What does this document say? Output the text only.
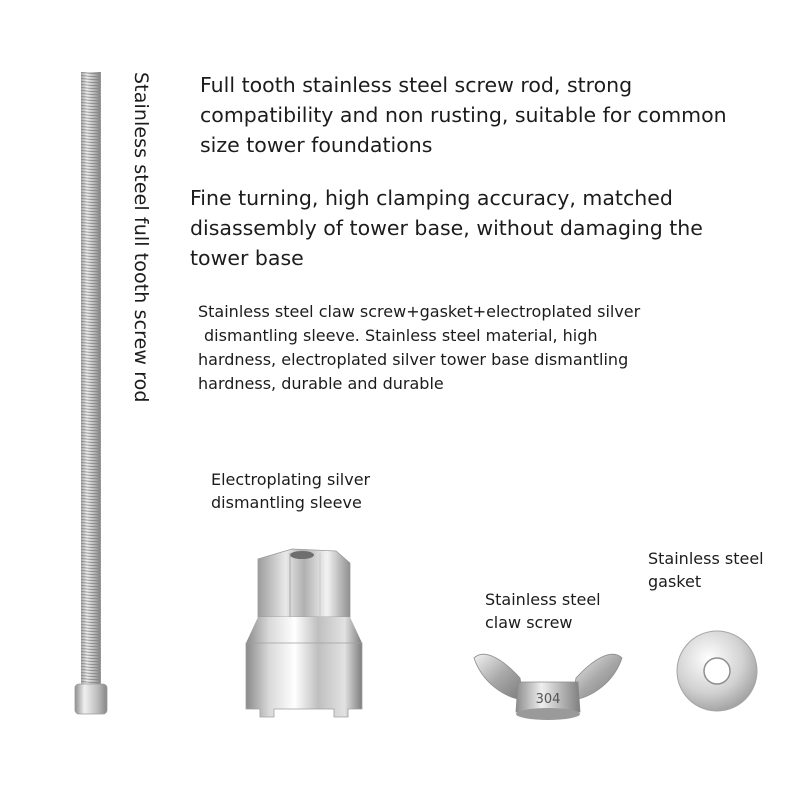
Stainless steel full tooth screw rod Full tooth stainless steel screw rod, strong
compatibility and non rusting, suitable for common
size tower foundations
Fine turning, high clamping accuracy, matched
disassembly of tower base, without damaging the
tower base
Stainless steel claw screw+gasket+electroplated silver
dismantling sleeve. Stainless steel material, high
hardness, electroplated silver tower base dismantling
hardness, durable and durable
Electroplating silver
dismantling sleeve
Stainless steel
claw screw
304
Stainless steel
gasket
